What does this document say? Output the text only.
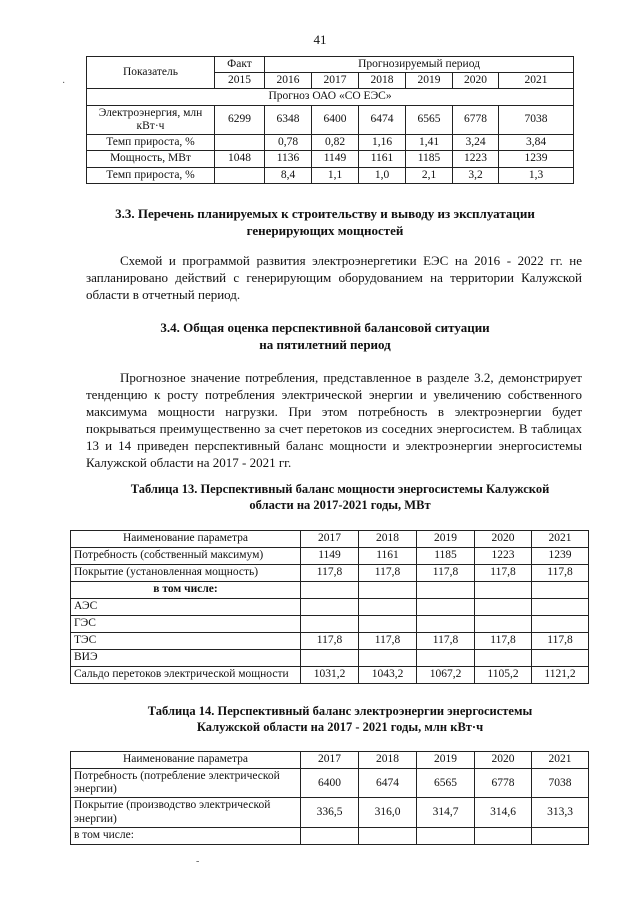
41
Показатель	Факт	Прогнозируемый период					
	2015	2016	2017	2018	2019	2020	2021
Прогноз ОАО «СО ЕЭС»							
Электроэнергия, млн кВт·ч	6299	6348	6400	6474	6565	6778	7038
Темп прироста, %		0,78	0,82	1,16	1,41	3,24	3,84
Мощность, МВт	1048	1136	1149	1161	1185	1223	1239
Темп прироста, %		8,4	1,1	1,0	2,1	3,2	1,3
3.3. Перечень планируемых к строительству и выводу из эксплуатации
генерирующих мощностей
Схемой и программой развития электроэнергетики ЕЭС на 2016 - 2022 гг. не запланировано действий с генерирующим оборудованием на территории Калужской области в отчетный период.
3.4. Общая оценка перспективной балансовой ситуации
на пятилетний период
Прогнозное значение потребления, представленное в разделе 3.2, демонстрирует тенденцию к росту потребления электрической энергии и увеличению собственного максимума мощности нагрузки. При этом потребность в электроэнергии будет покрываться преимущественно за счет перетоков из соседних энергосистем. В таблицах 13 и 14 приведен перспективный баланс мощности и электроэнергии энергосистемы Калужской области на 2017 - 2021 гг.
Таблица 13. Перспективный баланс мощности энергосистемы Калужской
области на 2017-2021 годы, МВт
Наименование параметра	2017	2018	2019	2020	2021
Потребность (собственный максимум)	1149	1161	1185	1223	1239
Покрытие (установленная мощность)	117,8	117,8	117,8	117,8	117,8
в том числе:					
АЭС					
ГЭС					
ТЭС	117,8	117,8	117,8	117,8	117,8
ВИЭ					
Сальдо перетоков электрической мощности	1031,2	1043,2	1067,2	1105,2	1121,2
Таблица 14. Перспективный баланс электроэнергии энергосистемы
Калужской области на 2017 - 2021 годы, млн кВт·ч
Наименование параметра	2017	2018	2019	2020	2021
Потребность (потребление электрической энергии)	6400	6474	6565	6778	7038
Покрытие (производство электрической энергии)	336,5	316,0	314,7	314,6	313,3
в том числе:					
·
-
